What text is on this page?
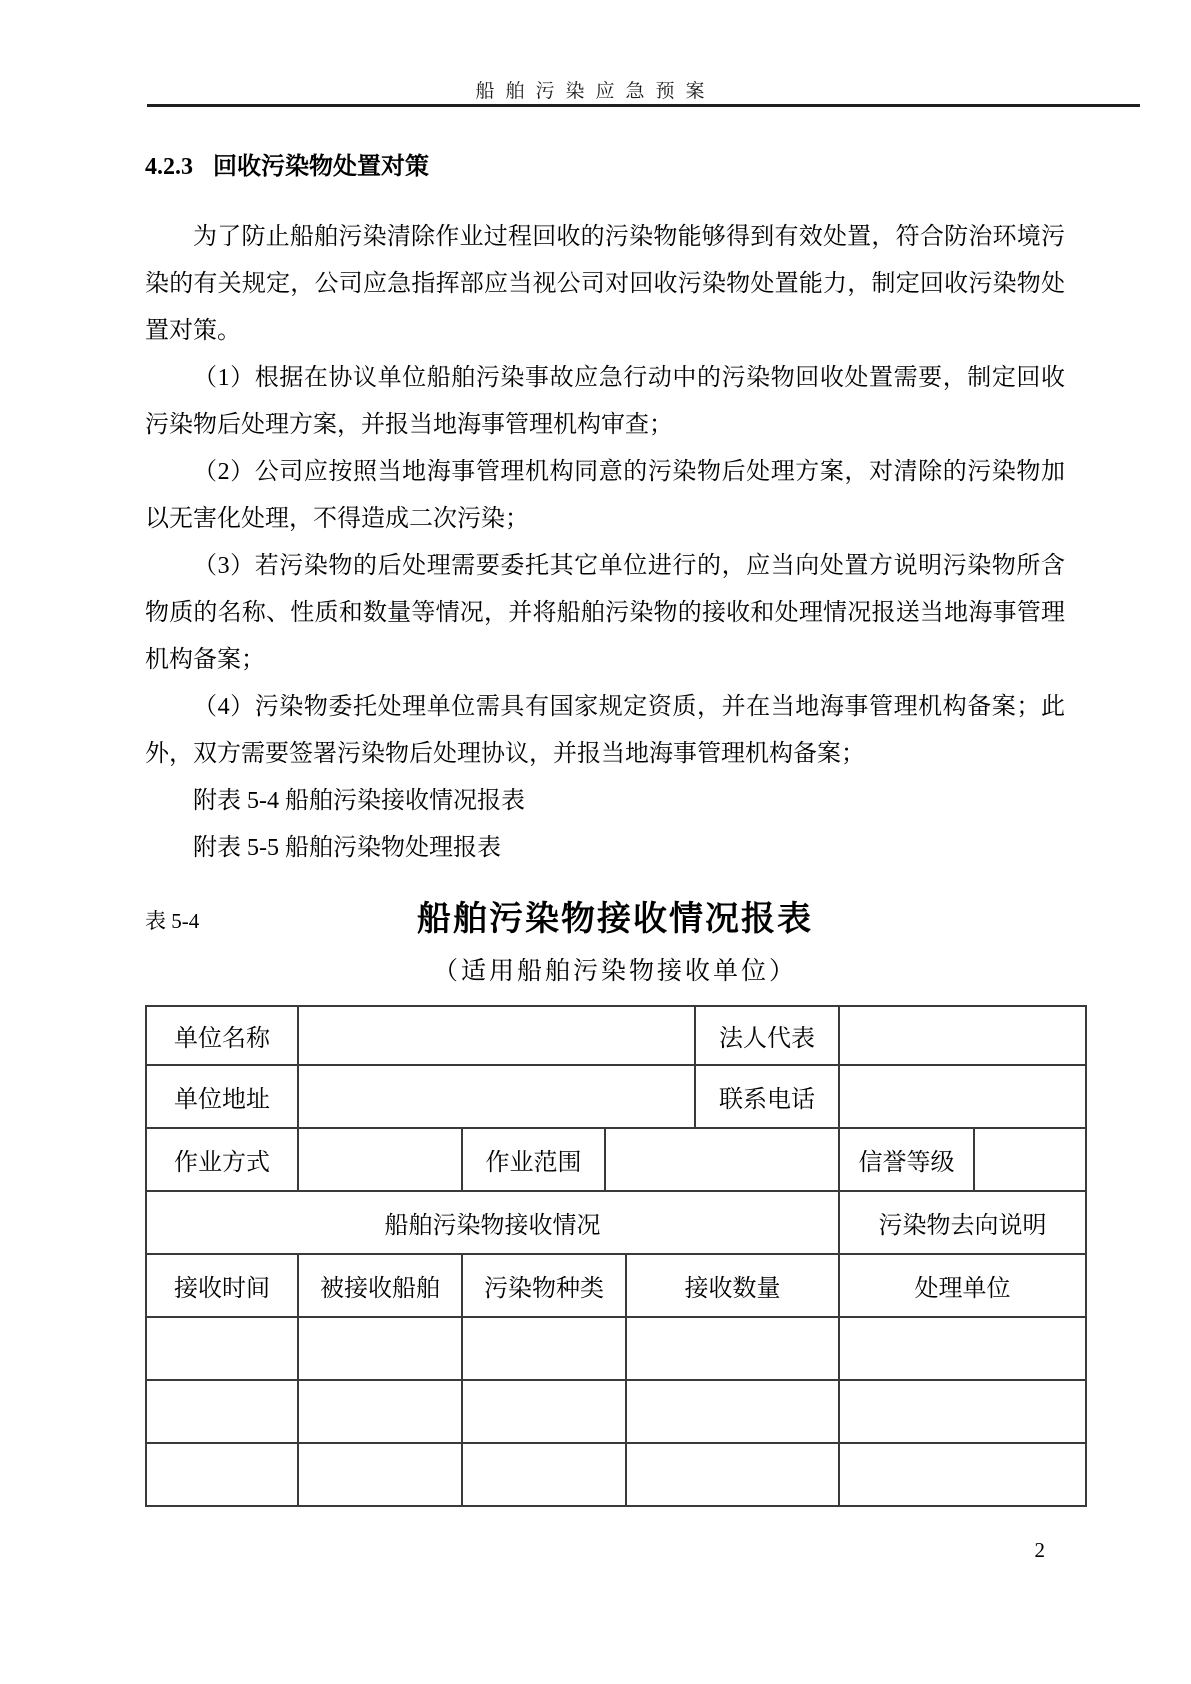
船舶污染应急预案
4.2.3 回收污染物处置对策

为了防止船舶污染清除作业过程回收的污染物能够得到有效处置，符合防治环境污染的有关规定，公司应急指挥部应当视公司对回收污染物处置能力，制定回收污染物处置对策。

（1）根据在协议单位船舶污染事故应急行动中的污染物回收处置需要，制定回收污染物后处理方案，并报当地海事管理机构审查；

（2）公司应按照当地海事管理机构同意的污染物后处理方案，对清除的污染物加以无害化处理，不得造成二次污染；

（3）若污染物的后处理需要委托其它单位进行的，应当向处置方说明污染物所含物质的名称、性质和数量等情况，并将船舶污染物的接收和处理情况报送当地海事管理机构备案；

（4）污染物委托处理单位需具有国家规定资质，并在当地海事管理机构备案；此外，双方需要签署污染物后处理协议，并报当地海事管理机构备案；

附表 5-4 船舶污染接收情况报表

附表 5-5 船舶污染物处理报表

船舶污染物接收情况报表
表 5-4
（适用船舶污染物接收单位）
单位名称					法人代表		
单位地址					联系电话		
作业方式		作业范围				信誉等级	
船舶污染物接收情况						污染物去向说明	
接收时间	被接收船舶	污染物种类		接收数量		处理单位	

2
